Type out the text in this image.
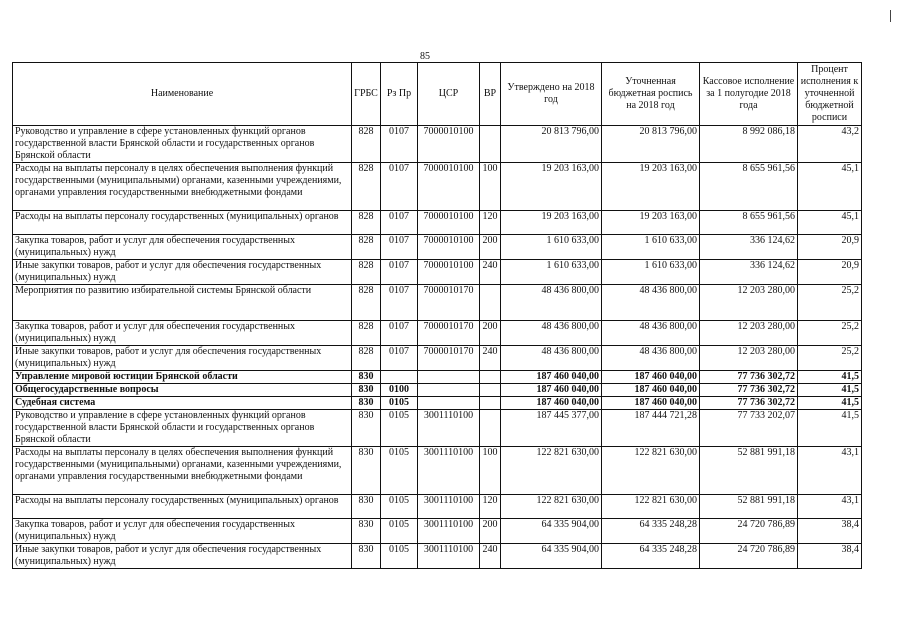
85
Наименование	ГРБС	Рз Пр	ЦСР	ВР	Утверждено на 2018 год	Уточненная бюджетная роспись на 2018 год	Кассовое исполнение за 1 полугодие 2018 года	Процент исполнения к уточненной бюджетной росписи
Руководство и управление в сфере установленных функций органов государственной власти Брянской области и государственных органов Брянской области	828	0107	7000010100		20 813 796,00	20 813 796,00	8 992 086,18	43,2
Расходы на выплаты персоналу в целях обеспечения выполнения функций государственными (муниципальными) органами, казенными учреждениями, органами управления государственными внебюджетными фондами	828	0107	7000010100	100	19 203 163,00	19 203 163,00	8 655 961,56	45,1
Расходы на выплаты персоналу государственных (муниципальных) органов	828	0107	7000010100	120	19 203 163,00	19 203 163,00	8 655 961,56	45,1
Закупка товаров, работ и услуг для обеспечения государственных (муниципальных) нужд	828	0107	7000010100	200	1 610 633,00	1 610 633,00	336 124,62	20,9
Иные закупки товаров, работ и услуг для обеспечения государственных (муниципальных) нужд	828	0107	7000010100	240	1 610 633,00	1 610 633,00	336 124,62	20,9
Мероприятия по развитию избирательной системы Брянской области	828	0107	7000010170		48 436 800,00	48 436 800,00	12 203 280,00	25,2
Закупка товаров, работ и услуг для обеспечения государственных (муниципальных) нужд	828	0107	7000010170	200	48 436 800,00	48 436 800,00	12 203 280,00	25,2
Иные закупки товаров, работ и услуг для обеспечения государственных (муниципальных) нужд	828	0107	7000010170	240	48 436 800,00	48 436 800,00	12 203 280,00	25,2
Управление мировой юстиции Брянской области	830				187 460 040,00	187 460 040,00	77 736 302,72	41,5
Общегосударственные вопросы	830	0100			187 460 040,00	187 460 040,00	77 736 302,72	41,5
Судебная система	830	0105			187 460 040,00	187 460 040,00	77 736 302,72	41,5
Руководство и управление в сфере установленных функций органов государственной власти Брянской области и государственных органов Брянской области	830	0105	3001110100		187 445 377,00	187 444 721,28	77 733 202,07	41,5
Расходы на выплаты персоналу в целях обеспечения выполнения функций государственными (муниципальными) органами, казенными учреждениями, органами управления государственными внебюджетными фондами	830	0105	3001110100	100	122 821 630,00	122 821 630,00	52 881 991,18	43,1
Расходы на выплаты персоналу государственных (муниципальных) органов	830	0105	3001110100	120	122 821 630,00	122 821 630,00	52 881 991,18	43,1
Закупка товаров, работ и услуг для обеспечения государственных (муниципальных) нужд	830	0105	3001110100	200	64 335 904,00	64 335 248,28	24 720 786,89	38,4
Иные закупки товаров, работ и услуг для обеспечения государственных (муниципальных) нужд	830	0105	3001110100	240	64 335 904,00	64 335 248,28	24 720 786,89	38,4
